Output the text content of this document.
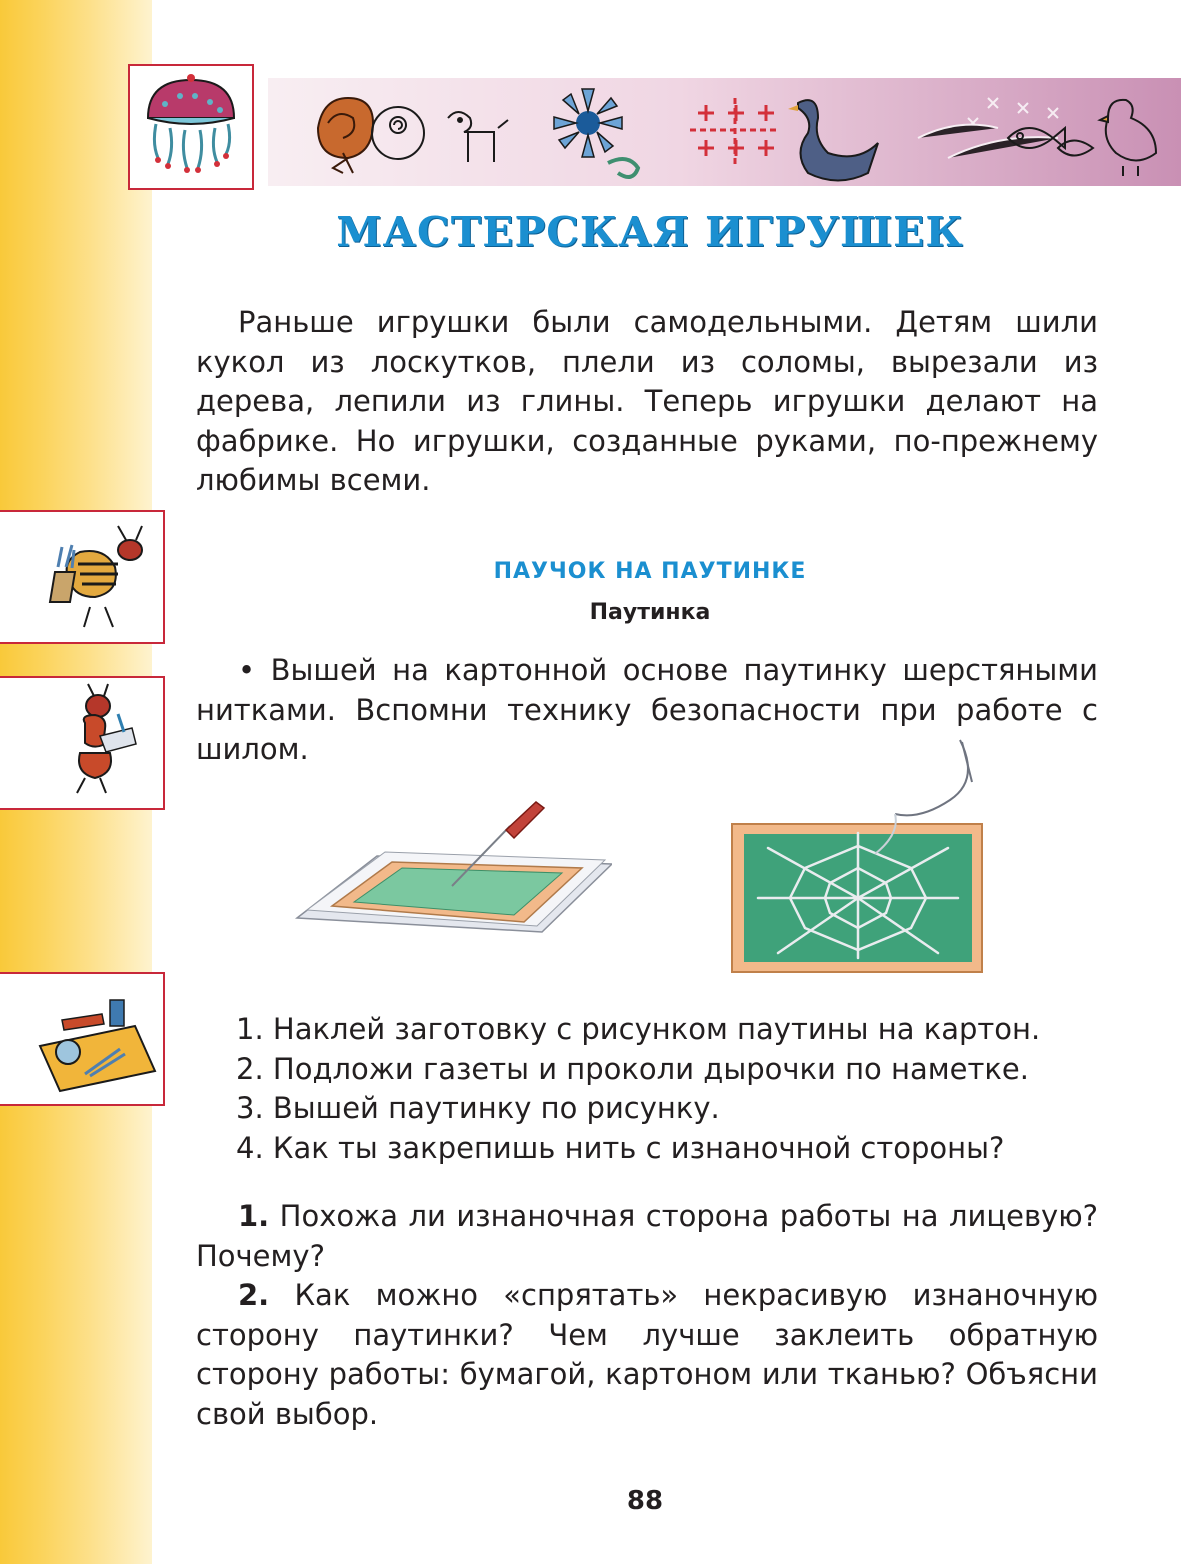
МАСТЕРСКАЯ ИГРУШЕК

Раньше игрушки были самодельными. Детям шили кукол из лоскутков, плели из соломы, вырезали из дерева, лепили из глины. Теперь игрушки делают на фабрике. Но игрушки, созданные руками, по-прежнему любимы всеми.

ПАУЧОК НА ПАУТИНКЕ
Паутинка

• Вышей на картонной основе паутинку шерстяными нитками. Вспомни технику безопасности при работе с шилом.

1. Наклей заготовку с рисунком паутины на картон.
2. Подложи газеты и проколи дырочки по наметке.
3. Вышей паутинку по рисунку.
4. Как ты закрепишь нить с изнаночной стороны?

1. Похожа ли изнаночная сторона работы на лицевую? Почему?

2. Как можно «спрятать» некрасивую изнаночную сторону паутинки? Чем лучше заклеить обратную сторону работы: бумагой, картоном или тканью? Объясни свой выбор.

88
